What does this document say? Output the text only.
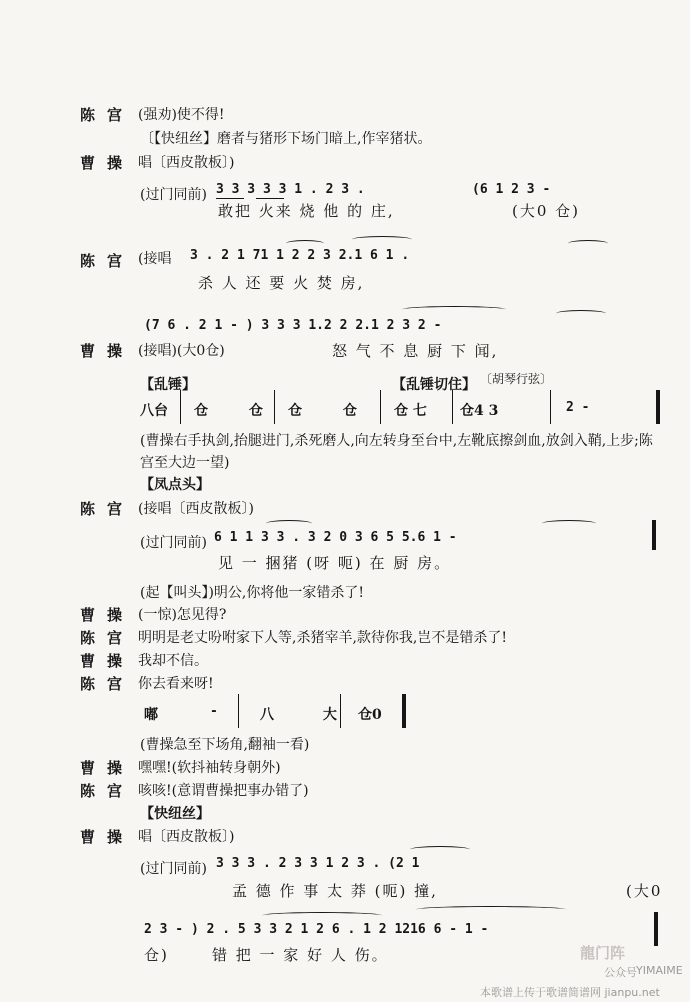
陈宫 (强劝)使不得!
〔【快纽丝】磨者与猪形下场门暗上,作宰猪状。
曹操 唱〔西皮散板〕)
(过门同前) 3 3 3 3 3 1 . 2 3 .	(6 1 2 3 -
敢把 火来 烧 他 的 庄,	(大0 仓)
陈宫 (接唱 3 . 2 1 71 1 2 2 3 2.1 6 1 .
杀 人 还 要 火 焚 房,
(7 6 . 2 1 - ) 3 3 3 1.2 2 2.1 2 3 2 -
曹操 (接唱)(大0仓)	怒 气 不 息 厨 下 闻,
【乱锤】	【乱锤切住】 〔胡琴行弦〕
八台 仓 仓 仓 仓 仓 七 仓4 3	2 -
(曹操右手执剑,抬腿进门,杀死磨人,向左转身至台中,左靴底擦剑血,放剑入鞘,上步;陈宫至大边一望)
【凤点头】
陈宫 (接唱〔西皮散板〕)
(过门同前) 6 1 1 3 3 . 3 2 0 3 6 5 5.6 1 -
见 一 捆猪 (呀 呃) 在 厨 房。
(起【叫头】)明公,你将他一家错杀了!
曹操 (一惊)怎见得?
陈宫 明明是老丈吩咐家下人等,杀猪宰羊,款待你我,岂不是错杀了!
曹操 我却不信。
陈宫 你去看来呀!
嘟	-	八 大 仓0
(曹操急至下场角,翻袖一看)
曹操 嘿嘿!(软抖袖转身朝外)
陈宫 咳咳!(意谓曹操把事办错了)
【快纽丝】
曹操 唱〔西皮散板〕)
(过门同前) 3 3 3 . 2 3 3 1 2 3 . (2 1
孟 德 作 事 太 莽 (呃) 撞,	(大0
2 3 - ) 2 . 5 3 3 2 1 2 6 . 1 2 1216 6 - 1 -
仓)	错 把 一 家 好 人 伤。	龍门阵
公众号 YIMAIME
本歌谱上传于歌谱简谱网 jianpu.net
